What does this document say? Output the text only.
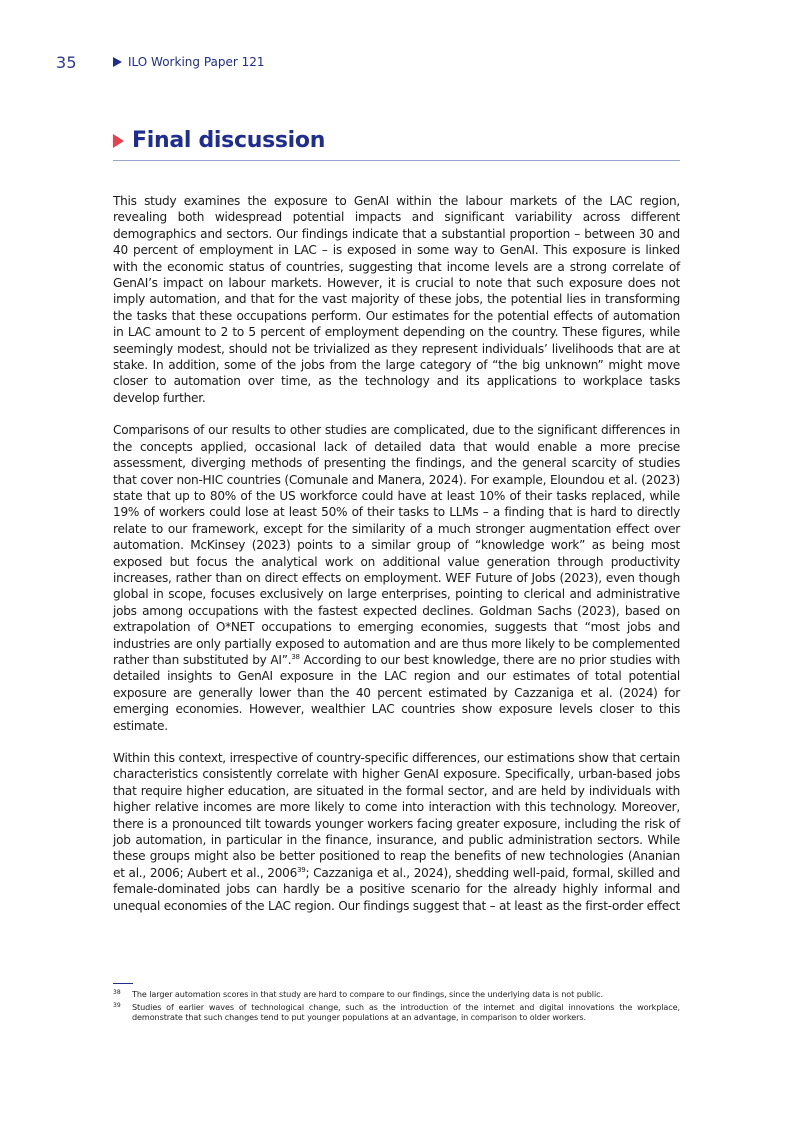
35	ILO Working Paper 121
Final discussion

This study examines the exposure to GenAI within the labour markets of the LAC region, revealing both widespread potential impacts and significant variability across different demographics and sectors. Our findings indicate that a substantial proportion – between 30 and 40 percent of employment in LAC – is exposed in some way to GenAI. This exposure is linked with the economic status of countries, suggesting that income levels are a strong correlate of GenAI’s impact on labour markets. However, it is crucial to note that such exposure does not imply automation, and that for the vast majority of these jobs, the potential lies in transforming the tasks that these occupations perform. Our estimates for the potential effects of automation in LAC amount to 2 to 5 percent of employment depending on the country. These figures, while seemingly modest, should not be trivialized as they represent individuals’ livelihoods that are at stake. In addition, some of the jobs from the large category of “the big unknown” might move closer to automation over time, as the technology and its applications to workplace tasks develop further.

Comparisons of our results to other studies are complicated, due to the significant differences in the concepts applied, occasional lack of detailed data that would enable a more precise assessment, diverging methods of presenting the findings, and the general scarcity of studies that cover non-HIC countries (Comunale and Manera, 2024). For example, Eloundou et al. (2023) state that up to 80% of the US workforce could have at least 10% of their tasks replaced, while 19% of workers could lose at least 50% of their tasks to LLMs – a finding that is hard to directly relate to our framework, except for the similarity of a much stronger augmentation effect over automation. McKinsey (2023) points to a similar group of “knowledge work” as being most exposed but focus the analytical work on additional value generation through productivity increases, rather than on direct effects on employment. WEF Future of Jobs (2023), even though global in scope, focuses exclusively on large enterprises, pointing to clerical and administrative jobs among occupations with the fastest expected declines. Goldman Sachs (2023), based on extrapolation of O*NET occupations to emerging economies, suggests that “most jobs and industries are only partially exposed to automation and are thus more likely to be complemented rather than substituted by AI”.$^{38}$ According to our best knowledge, there are no prior studies with detailed insights to GenAI exposure in the LAC region and our estimates of total potential exposure are generally lower than the 40 percent estimated by Cazzaniga et al. (2024) for emerging economies. However, wealthier LAC countries show exposure levels closer to this estimate.

Within this context, irrespective of country-specific differences, our estimations show that certain characteristics consistently correlate with higher GenAI exposure. Specifically, urban-based jobs that require higher education, are situated in the formal sector, and are held by individuals with higher relative incomes are more likely to come into interaction with this technology. Moreover, there is a pronounced tilt towards younger workers facing greater exposure, including the risk of job automation, in particular in the finance, insurance, and public administration sectors. While these groups might also be better positioned to reap the benefits of new technologies (Ananian et al., 2006; Aubert et al., 2006$^{39}$; Cazzaniga et al., 2024), shedding well-paid, formal, skilled and female-dominated jobs can hardly be a positive scenario for the already highly informal and unequal economies of the LAC region. Our findings suggest that – at least as the first-order effect

38	The larger automation scores in that study are hard to compare to our findings, since the underlying data is not public.
39	Studies of earlier waves of technological change, such as the introduction of the internet and digital innovations the workplace, demonstrate that such changes tend to put younger populations at an advantage, in comparison to older workers.
